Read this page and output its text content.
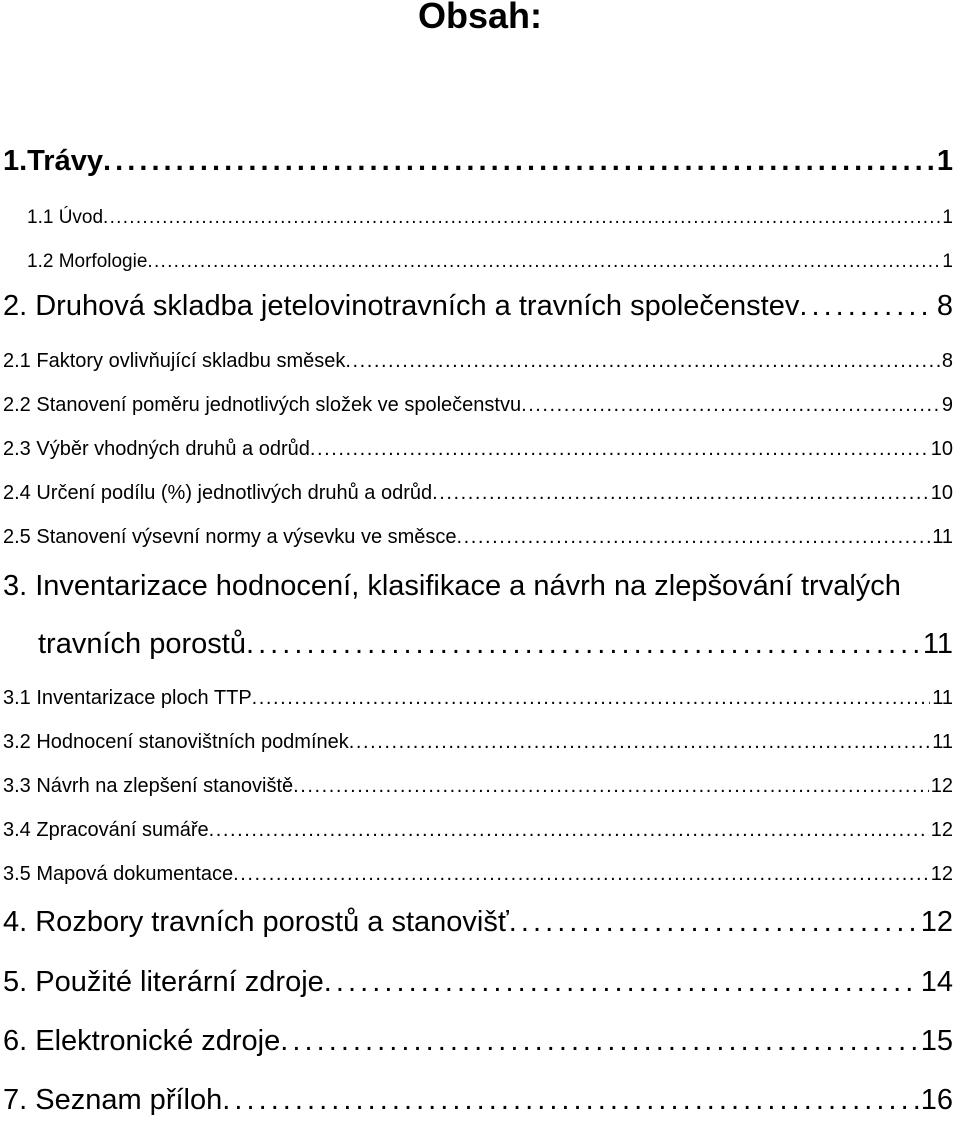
Obsah:
1.Trávy . . .	1
1.1 Úvod . . .	1
1.2 Morfologie . . .	1
2. Druhová skladba jetelovinotravních a travních společenstev . . .	8
2.1 Faktory ovlivňující skladbu směsek . . .	8
2.2 Stanovení poměru jednotlivých složek ve společenstvu . . .	9
2.3 Výběr vhodných druhů a odrůd . . .	10
2.4 Určení podílu (%) jednotlivých druhů a odrůd . . .	10
2.5 Stanovení výsevní normy a výsevku ve směsce . . .	11
3. Inventarizace hodnocení, klasifikace a návrh na zlepšování trvalých
travních porostů . . .	11
3.1 Inventarizace ploch TTP . . .	11
3.2 Hodnocení stanovištních podmínek . . .	11
3.3 Návrh na zlepšení stanoviště . . .	12
3.4 Zpracování sumáře . . .	12
3.5 Mapová dokumentace . . .	12
4. Rozbory travních porostů a stanovišť . . .	12
5. Použité literární zdroje . . .	14
6. Elektronické zdroje . . .	15
7. Seznam příloh . . .	16
